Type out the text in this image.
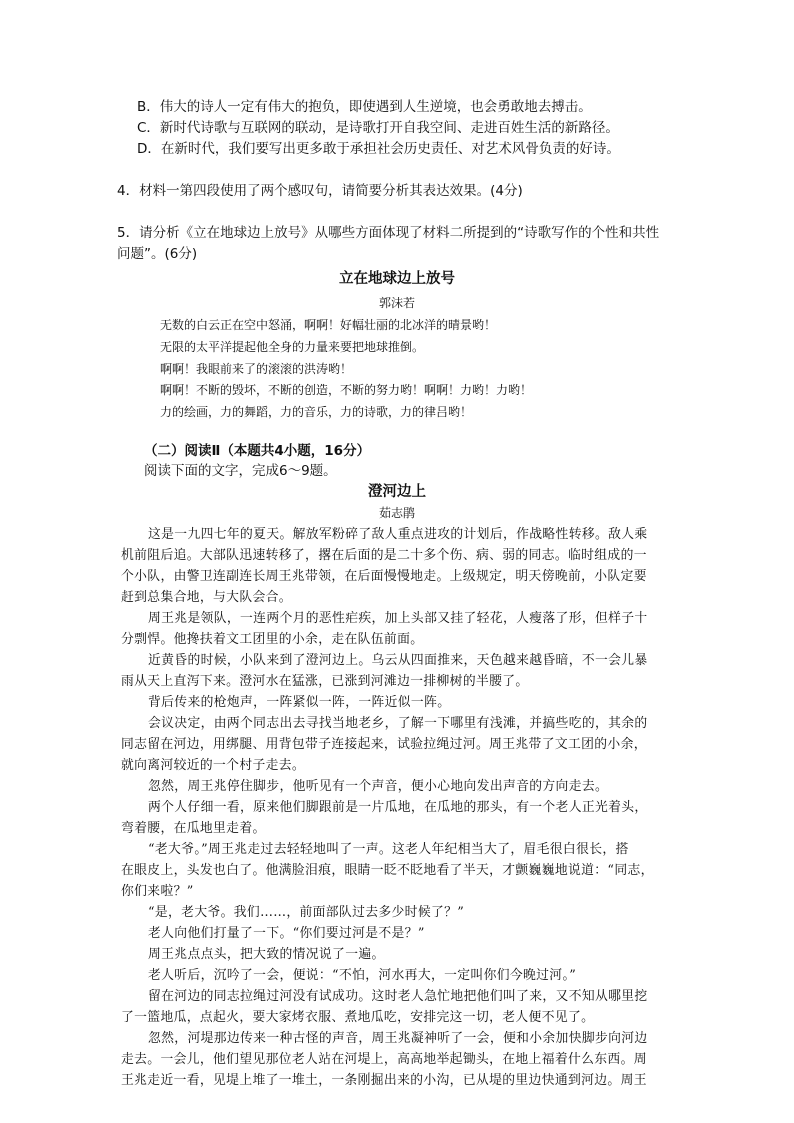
B．伟大的诗人一定有伟大的抱负，即使遇到人生逆境，也会勇敢地去搏击。
C．新时代诗歌与互联网的联动，是诗歌打开自我空间、走进百姓生活的新路径。
D．在新时代，我们要写出更多敢于承担社会历史责任、对艺术风骨负责的好诗。
4．材料一第四段使用了两个感叹句，请简要分析其表达效果。(4分)
5．请分析《立在地球边上放号》从哪些方面体现了材料二所提到的“诗歌写作的个性和共性
问题”。(6分)
立在地球边上放号
郭沫若
无数的白云正在空中怒涌，啊啊！好幅壮丽的北冰洋的晴景哟！
无限的太平洋提起他全身的力量来要把地球推倒。
啊啊！我眼前来了的滚滚的洪涛哟！
啊啊！不断的毁坏，不断的创造，不断的努力哟！啊啊！力哟！力哟！
力的绘画，力的舞蹈，力的音乐，力的诗歌，力的律吕哟！
（二）阅读Ⅱ（本题共4小题，16分）
阅读下面的文字，完成6～9题。
澄河边上
茹志鹃
这是一九四七年的夏天。解放军粉碎了敌人重点进攻的计划后，作战略性转移。敌人乘
机前阻后追。大部队迅速转移了，撂在后面的是二十多个伤、病、弱的同志。临时组成的一
个小队，由警卫连副连长周王兆带领，在后面慢慢地走。上级规定，明天傍晚前，小队定要
赶到总集合地，与大队会合。
周王兆是领队，一连两个月的恶性疟疾，加上头部又挂了轻花，人瘦落了形，但样子十
分剽悍。他搀扶着文工团里的小余，走在队伍前面。
近黄昏的时候，小队来到了澄河边上。乌云从四面推来，天色越来越昏暗，不一会儿暴
雨从天上直泻下来。澄河水在猛涨，已涨到河滩边一排柳树的半腰了。
背后传来的枪炮声，一阵紧似一阵，一阵近似一阵。
会议决定，由两个同志出去寻找当地老乡，了解一下哪里有浅滩，并搞些吃的，其余的
同志留在河边，用绑腿、用背包带子连接起来，试验拉绳过河。周王兆带了文工团的小余，
就向离河较近的一个村子走去。
忽然，周王兆停住脚步，他听见有一个声音，便小心地向发出声音的方向走去。
两个人仔细一看，原来他们脚跟前是一片瓜地，在瓜地的那头，有一个老人正光着头，
弯着腰，在瓜地里走着。
“老大爷。”周王兆走过去轻轻地叫了一声。这老人年纪相当大了，眉毛很白很长，搭
在眼皮上，头发也白了。他满脸泪痕，眼睛一眨不眨地看了半天，才颤巍巍地说道：“同志，
你们来啦？”
“是，老大爷。我们……，前面部队过去多少时候了？”
老人向他们打量了一下。“你们要过河是不是？”
周王兆点点头，把大致的情况说了一遍。
老人听后，沉吟了一会，便说：“不怕，河水再大，一定叫你们今晚过河。”
留在河边的同志拉绳过河没有试成功。这时老人急忙地把他们叫了来，又不知从哪里挖
了一篮地瓜，点起火，要大家烤衣服、煮地瓜吃，安排完这一切，老人便不见了。
忽然，河堤那边传来一种古怪的声音，周王兆凝神听了一会，便和小余加快脚步向河边
走去。一会儿，他们望见那位老人站在河堤上，高高地举起锄头，在地上福着什么东西。周
王兆走近一看，见堤上堆了一堆土，一条刚掘出来的小沟，已从堤的里边快通到河边。周王
